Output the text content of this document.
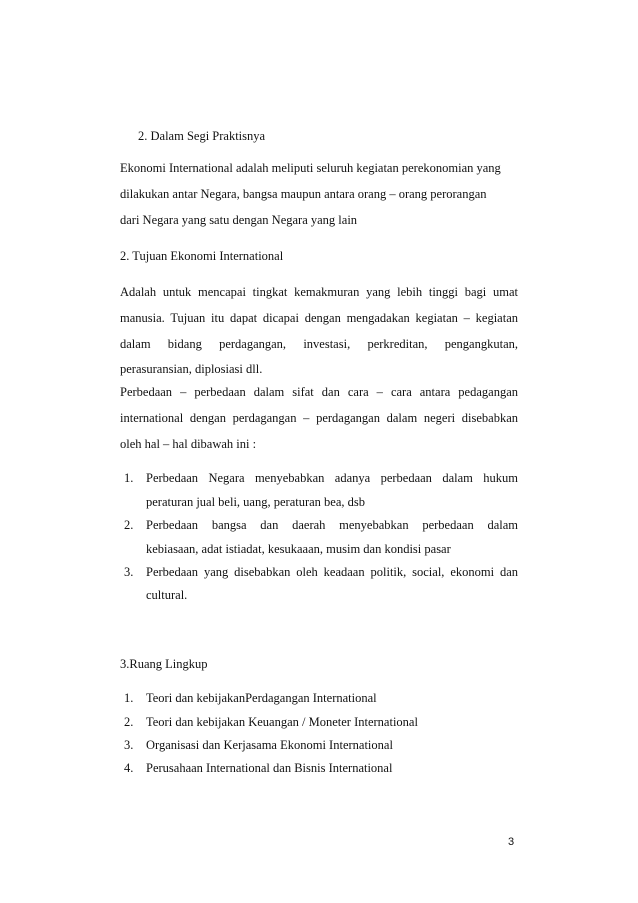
2. Dalam Segi Praktisnya
Ekonomi International adalah meliputi seluruh kegiatan perekonomian yang
dilakukan antar Negara, bangsa maupun antara orang – orang perorangan
dari Negara yang satu dengan Negara yang lain
2. Tujuan Ekonomi International
Adalah untuk mencapai tingkat kemakmuran yang lebih tinggi bagi umat
manusia. Tujuan itu dapat dicapai dengan mengadakan kegiatan – kegiatan
dalam bidang perdagangan, investasi, perkreditan, pengangkutan,
perasuransian, diplosiasi dll.
Perbedaan – perbedaan dalam sifat dan cara – cara antara pedagangan
international dengan perdagangan – perdagangan dalam negeri disebabkan
oleh hal – hal dibawah ini :
1. Perbedaan Negara menyebabkan adanya perbedaan dalam hukum
peraturan jual beli, uang, peraturan bea, dsb
2. Perbedaan bangsa dan daerah menyebabkan perbedaan dalam
kebiasaan, adat istiadat, kesukaaan, musim dan kondisi pasar
3. Perbedaan yang disebabkan oleh keadaan politik, social, ekonomi dan
cultural.
3.Ruang Lingkup
1. Teori dan kebijakanPerdagangan International
2. Teori dan kebijakan Keuangan / Moneter International
3. Organisasi dan Kerjasama Ekonomi International
4. Perusahaan International dan Bisnis International
3
